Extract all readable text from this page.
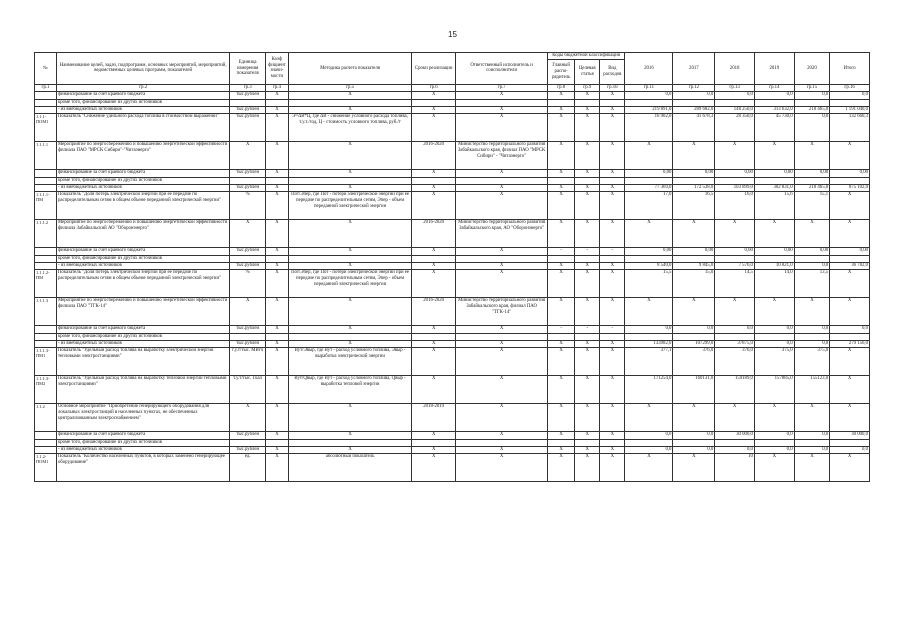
15
№	Наименование целей, задач, подпрограмм, основных мероприятий, мероприятий, ведомственных целевых программ, показателей	Единица измерения показателя	Коэф фициент значи-мости	Методика расчета показателя	Сроки реализации	Ответственный исполнитель и соисполнители	Коды бюджетной классификации			2016	2017	2018	2019	2020	Итого
							Главный распо-рядитель	Целевая статья	Вид расходов						
гр.1	гр.2	гр.3	гр.4	гр.5	гр.6	гр.7	гр.8	гр.9	гр.10	гр.11	гр.12	гр.13	гр.14	гр.15	гр.16
	финансирование за счет краевого бюджета	тыс.рублей	X	X	X	X	X	X	X	0,0	0,0	0,0	0,0	0,0	0,0
	кроме того, финансирование из других источников														
	- из внебюджетных источников	тыс.рублей	X	X	X	X	X	X	X	219 891,0	289 682,0	148 250,0	313 632,0	218 465,0	1 191 040,0
1.1.1-ПОМ1	Показатель "Снижение удельного расхода топлива в стоимостном выражении"	тыс.рублей	X	Э=ΔВ*Ц, где ΔВ - снижение условного расхода топлива, т.у.т./год, Ц - стоимость условного топлива, руб./т	X	X	X	X	X	16 902,0	41 678,3	28 350,0	45 730,0	0,0	132 660,3
1.1.1.1	Мероприятие по энергосбережению и повышению энергетической эффективности филиала ПАО "МРСК Сибири"-"Читаэнерго"	X	X	X	2016-2020	Министерство территориального развития Забайкальского края, филиал ПАО "МРСК Сибири" - "Читаэнерго"	X	X	X	X	X	X	X	X	X
	финансирование за счет краевого бюджета	тыс.рублей	X	X	X	X	X	X	X	0,00	0,00	0,00	0,00	0,00	0,00
	кроме того, финансирование из других источников														
	- из внебюджетных источников	тыс.рублей	X	X	X	X	X	X	X	77 369,0	172 538,0	103 899,0	302 831,0	218 465,0	875 102,0
1.1.1.1-ПМ	Показатель "Доля потерь электрической энергии при ее передаче по распределительным сетям в общем объеме переданной электрической энергии"	%	X	Пот/Эпер, где Пот - потери электрической энергии при ее передаче по распределительным сетям, Эпер - объем переданной электрической энергии	X	X	X	X	X	17,0	16,5	16,0	15,6	15,1	X
1.1.1.2	Мероприятие по энергосбережению и повышению энергетической эффективности филиала Забайкальский АО "Оборонэнерго"	X	X	X	2016-2020	Министерство территориального развития Забайкальского края, АО "Оборонэнерго"	X	X	X	X	X	X	X	X	X
	финансирование за счет краевого бюджета	тыс.рублей	X	X	X	X	-	-	-	0,00	0,00	0,00	0,00	0,00	0,00
	кроме того, финансирование из других источников														
	- из внебюджетных источников	тыс.рублей	X	X	X	X	X	X	X	8 540,0	9 845,0	7 576,0	10 821,0	0,0	36 782,0
1.1.1.2-ПМ	Показатель "Доля потерь электрической энергии при ее передаче по распределительным сетям в общем объеме переданной электрической энергии"	%	X	Пот/Эпер, где Пот - потери электрической энергии при ее передаче по распределительным сетям, Эпер - объем переданной электрической энергии	X	X	X	X	X	15,5	15,0	14,5	14,0	13,5	X
1.1.1.3	Мероприятие по энергосбережению и повышению энергетической эффективности филиала ПАО "ТГК-14"	X	X	X	2016-2020	Министерство территориального развития Забайкальского края, филиал ПАО "ТГК-14"	X	X	X	X	X	X	X	X	X
	финансирование за счет краевого бюджета	тыс.рублей	X	X	X	X	-	-	-	0,0	0,0	0,0	0,0	0,0	0,0
	кроме того, финансирование из других источников														
	- из внебюджетных источников	тыс.рублей	X	X	X	X	X	X	X	133982,0	107299,0	37875,0	0,0	0,0	279 156,0
1.1.1.3-ПМ1	Показатель "Удельный расход топлива на выработку электрической энергии тепловыми электростанциями"	г.у.т/тыс. МВтч	X	Вут/Эвыр, где Вут - расход условного топлива, Эвыр - выработка электрической энергии	X	X	X	X	X	377,1	376,0	376,0	375,0	375,0	X
1.1.1.3-ПМ2	Показатель "Удельный расход топлива на выработку тепловой энергии тепловыми электростанциями"	т.у.т/тыс. Гкал	X	Вут/Qвыр, где Вут - расход условного топлива, Qвыр - выработка тепловой энергии	X	X	X	X	X	171254,0	160131,0	159189,0	157885,0	155123,0	X
1.1.2	Основное мероприятие "Приобретение генерирующего оборудования для локальных электростанций в населенных пунктах, не обеспеченных централизованным электроснабжением"	X	X	X	2018-2019	X	X	X	X	X	X	X	X	X	X
	финансирование за счет краевого бюджета	тыс.рублей	X	X	X	X	X	X	X	0,0	0,0	30 000,0	0,0	0,0	30 000,0
	кроме того, финансирование из других источников														
	- из внебюджетных источников	тыс.рублей	X	X	X	X	X	X	X	0,0	0,0	0,0	0,0	0,0	0,0
1.1.2-ПОМ1	Показатель "Количество населенных пунктов, в которых заменено генерирующее оборудование"	ед.	X	абсолютный показатель	X	X	X	X	X	X	X	10	X	X	X
